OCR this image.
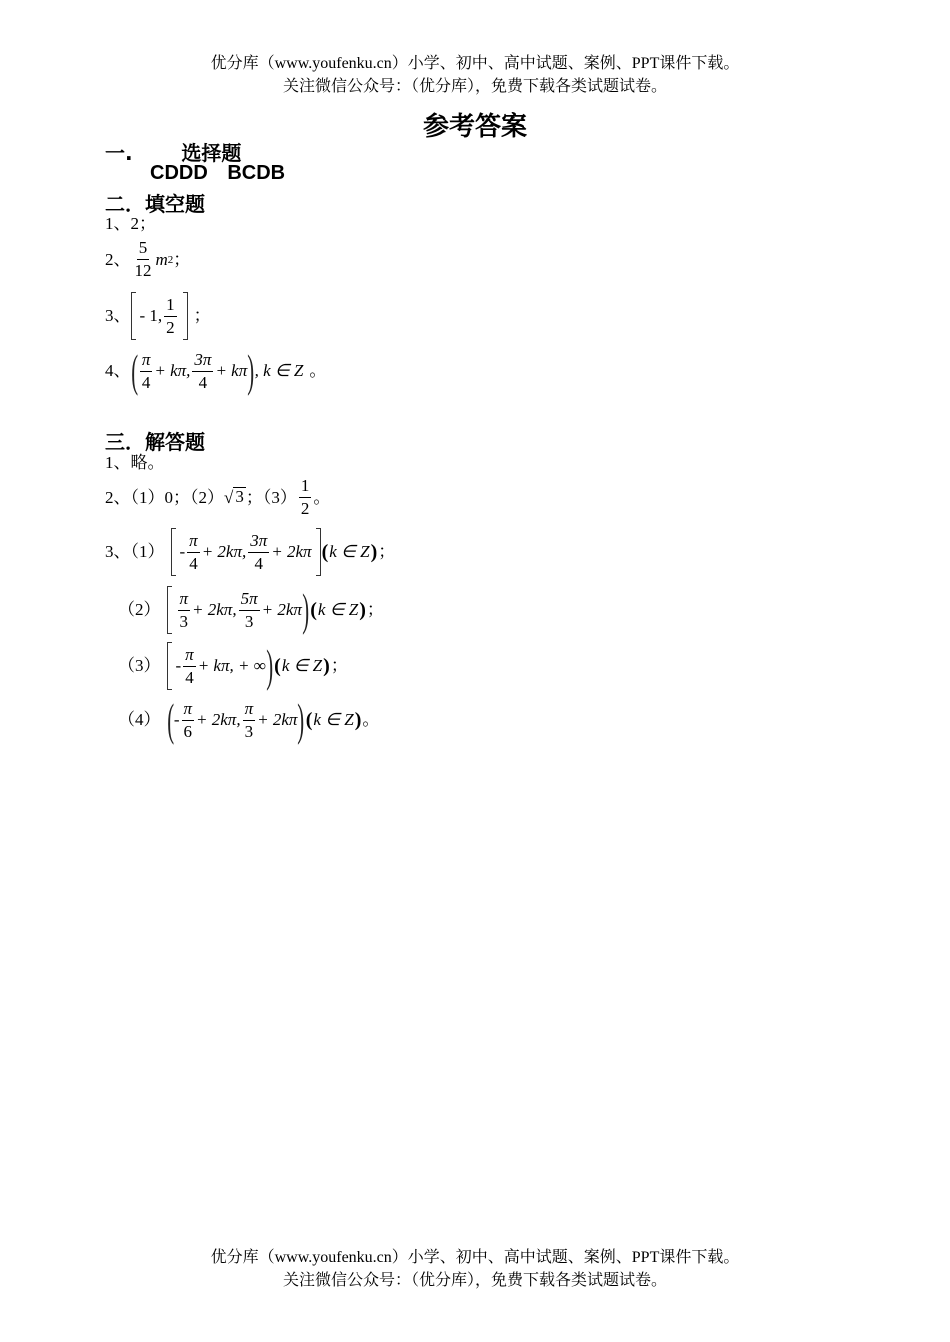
优分库（www.youfenku.cn）小学、初中、高中试题、案例、PPT课件下载。
关注微信公众号：（优分库），免费下载各类试题试卷。
参考答案
一.       选择题
CDDD BCDB
二．填空题
1、2；
2、 $\frac{5}{12}$ m 2 ；
3、 - 1, $\frac{1}{2}$ ；
4、 ( $\frac{\pi}{4} + k\pi$, $\frac{3\pi}{4} + k\pi$ ) , k ∈ Z 。
三．解答题
1、略。
2、（1）0；（2） √ 3 ；$(3) \frac{1}{2}$ 。
3、$(1) - \frac{\pi}{4} + 2k\pi$, $\frac{3\pi}{4} + 2k\pi$ ( k ∈ Z ) ；
$(2) \frac{\pi}{3} + 2k\pi$, $\frac{5\pi}{3} + 2k\pi$ ) ( k ∈ Z ) ；
$(3) - \frac{\pi}{4} + k\pi$, + ∞ ) ( k ∈ Z ) ；
（4） ( - $\frac{\pi}{6} + 2k\pi$, $\frac{\pi}{3} + 2k\pi$ ) ( k ∈ Z ) 。
优分库（www.youfenku.cn）小学、初中、高中试题、案例、PPT课件下载。
关注微信公众号：（优分库），免费下载各类试题试卷。
